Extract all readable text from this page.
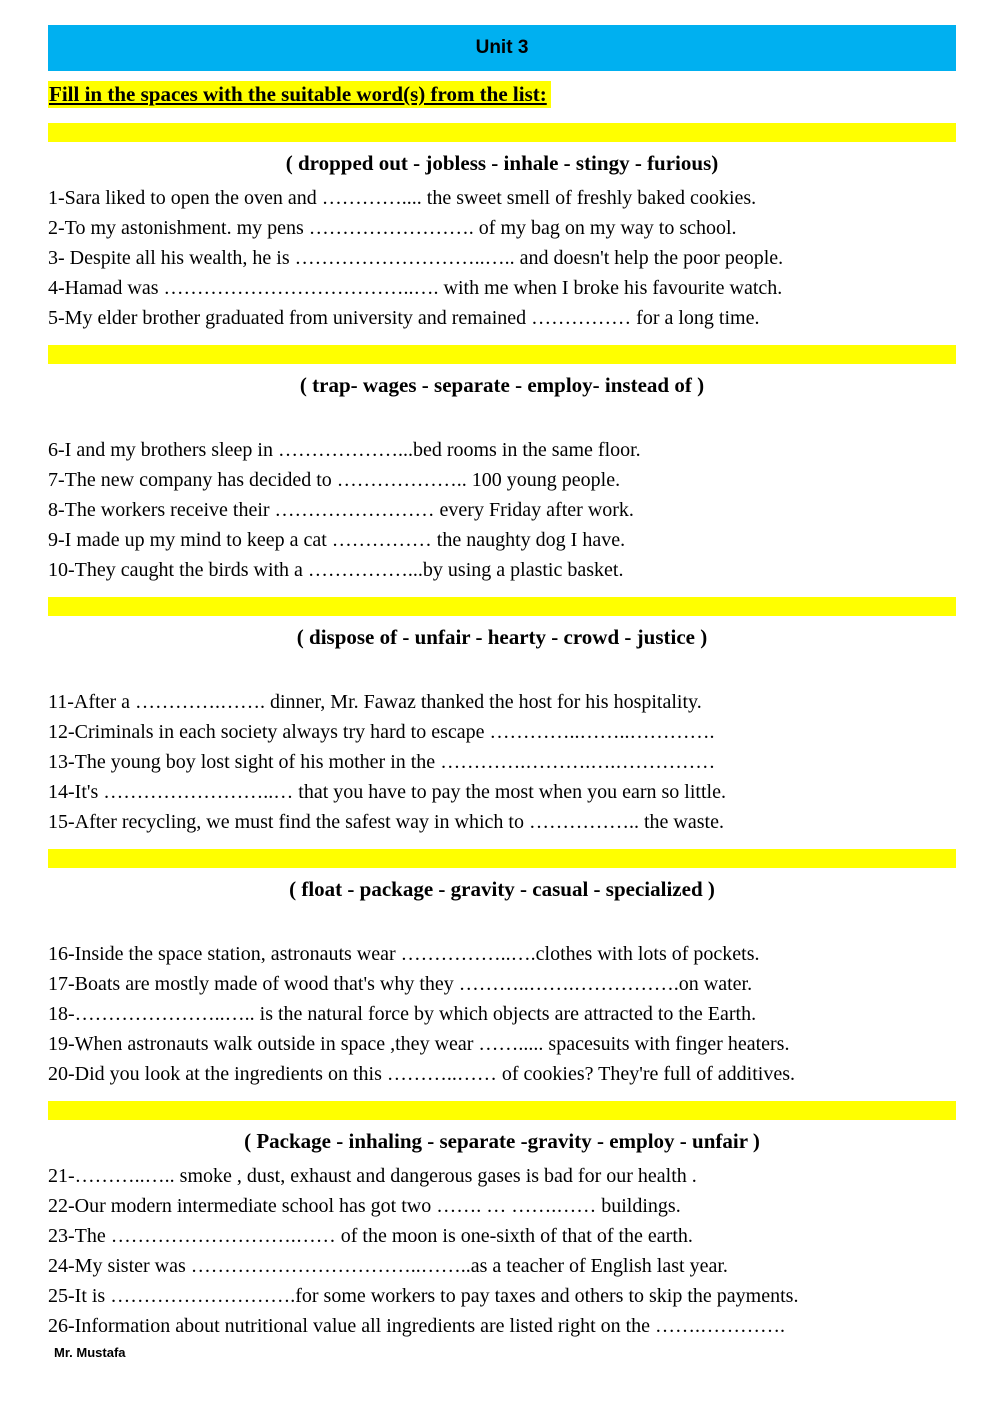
Unit 3
Fill in the spaces with the suitable word(s) from the list:
( dropped out - jobless - inhale - stingy - furious)

1-Sara liked to open the oven and ………….... the sweet smell of freshly baked cookies.

2-To my astonishment. my pens ……………………. of my bag on my way to school.

3- Despite all his wealth, he is ………………………..….. and doesn't help the poor people.

4-Hamad was ………………………………..…. with me when I broke his favourite watch.

5-My elder brother graduated from university and remained …………… for a long time.

( trap- wages - separate - employ- instead of )

6-I and my brothers sleep in ………………...bed rooms in the same floor.

7-The new company has decided to ……………….. 100 young people.

8-The workers receive their …………………… every Friday after work.

9-I made up my mind to keep a cat …………… the naughty dog I have.

10-They caught the birds with a ……………...by using a plastic basket.

( dispose of - unfair - hearty - crowd - justice )

11-After a ………….……. dinner, Mr. Fawaz thanked the host for his hospitality.

12-Criminals in each society always try hard to escape …………..……..………….

13-The young boy lost sight of his mother in the ………….……….….……………

14-It's ……………………..… that you have to pay the most when you earn so little.

15-After recycling, we must find the safest way in which to …………….. the waste.

( float - package - gravity - casual - specialized )

16-Inside the space station, astronauts wear ……………..….clothes with lots of pockets.

17-Boats are mostly made of wood that's why they ………..…….…………….on water.

18-…………………..….. is the natural force by which objects are attracted to the Earth.

19-When astronauts walk outside in space ,they wear ……..... spacesuits with finger heaters.

20-Did you look at the ingredients on this ………..…… of cookies? They're full of additives.

( Package - inhaling - separate -gravity - employ - unfair )

21-………..….. smoke , dust, exhaust and dangerous gases is bad for our health .

22-Our modern intermediate school has got two ……. … …….…… buildings.

23-The ……………………….…… of the moon is one-sixth of that of the earth.

24-My sister was ……………………………..……..as a teacher of English last year.

25-It is ……………………….for some workers to pay taxes and others to skip the payments.

26-Information about nutritional value all ingredients are listed right on the …….………….

Mr. Mustafa
